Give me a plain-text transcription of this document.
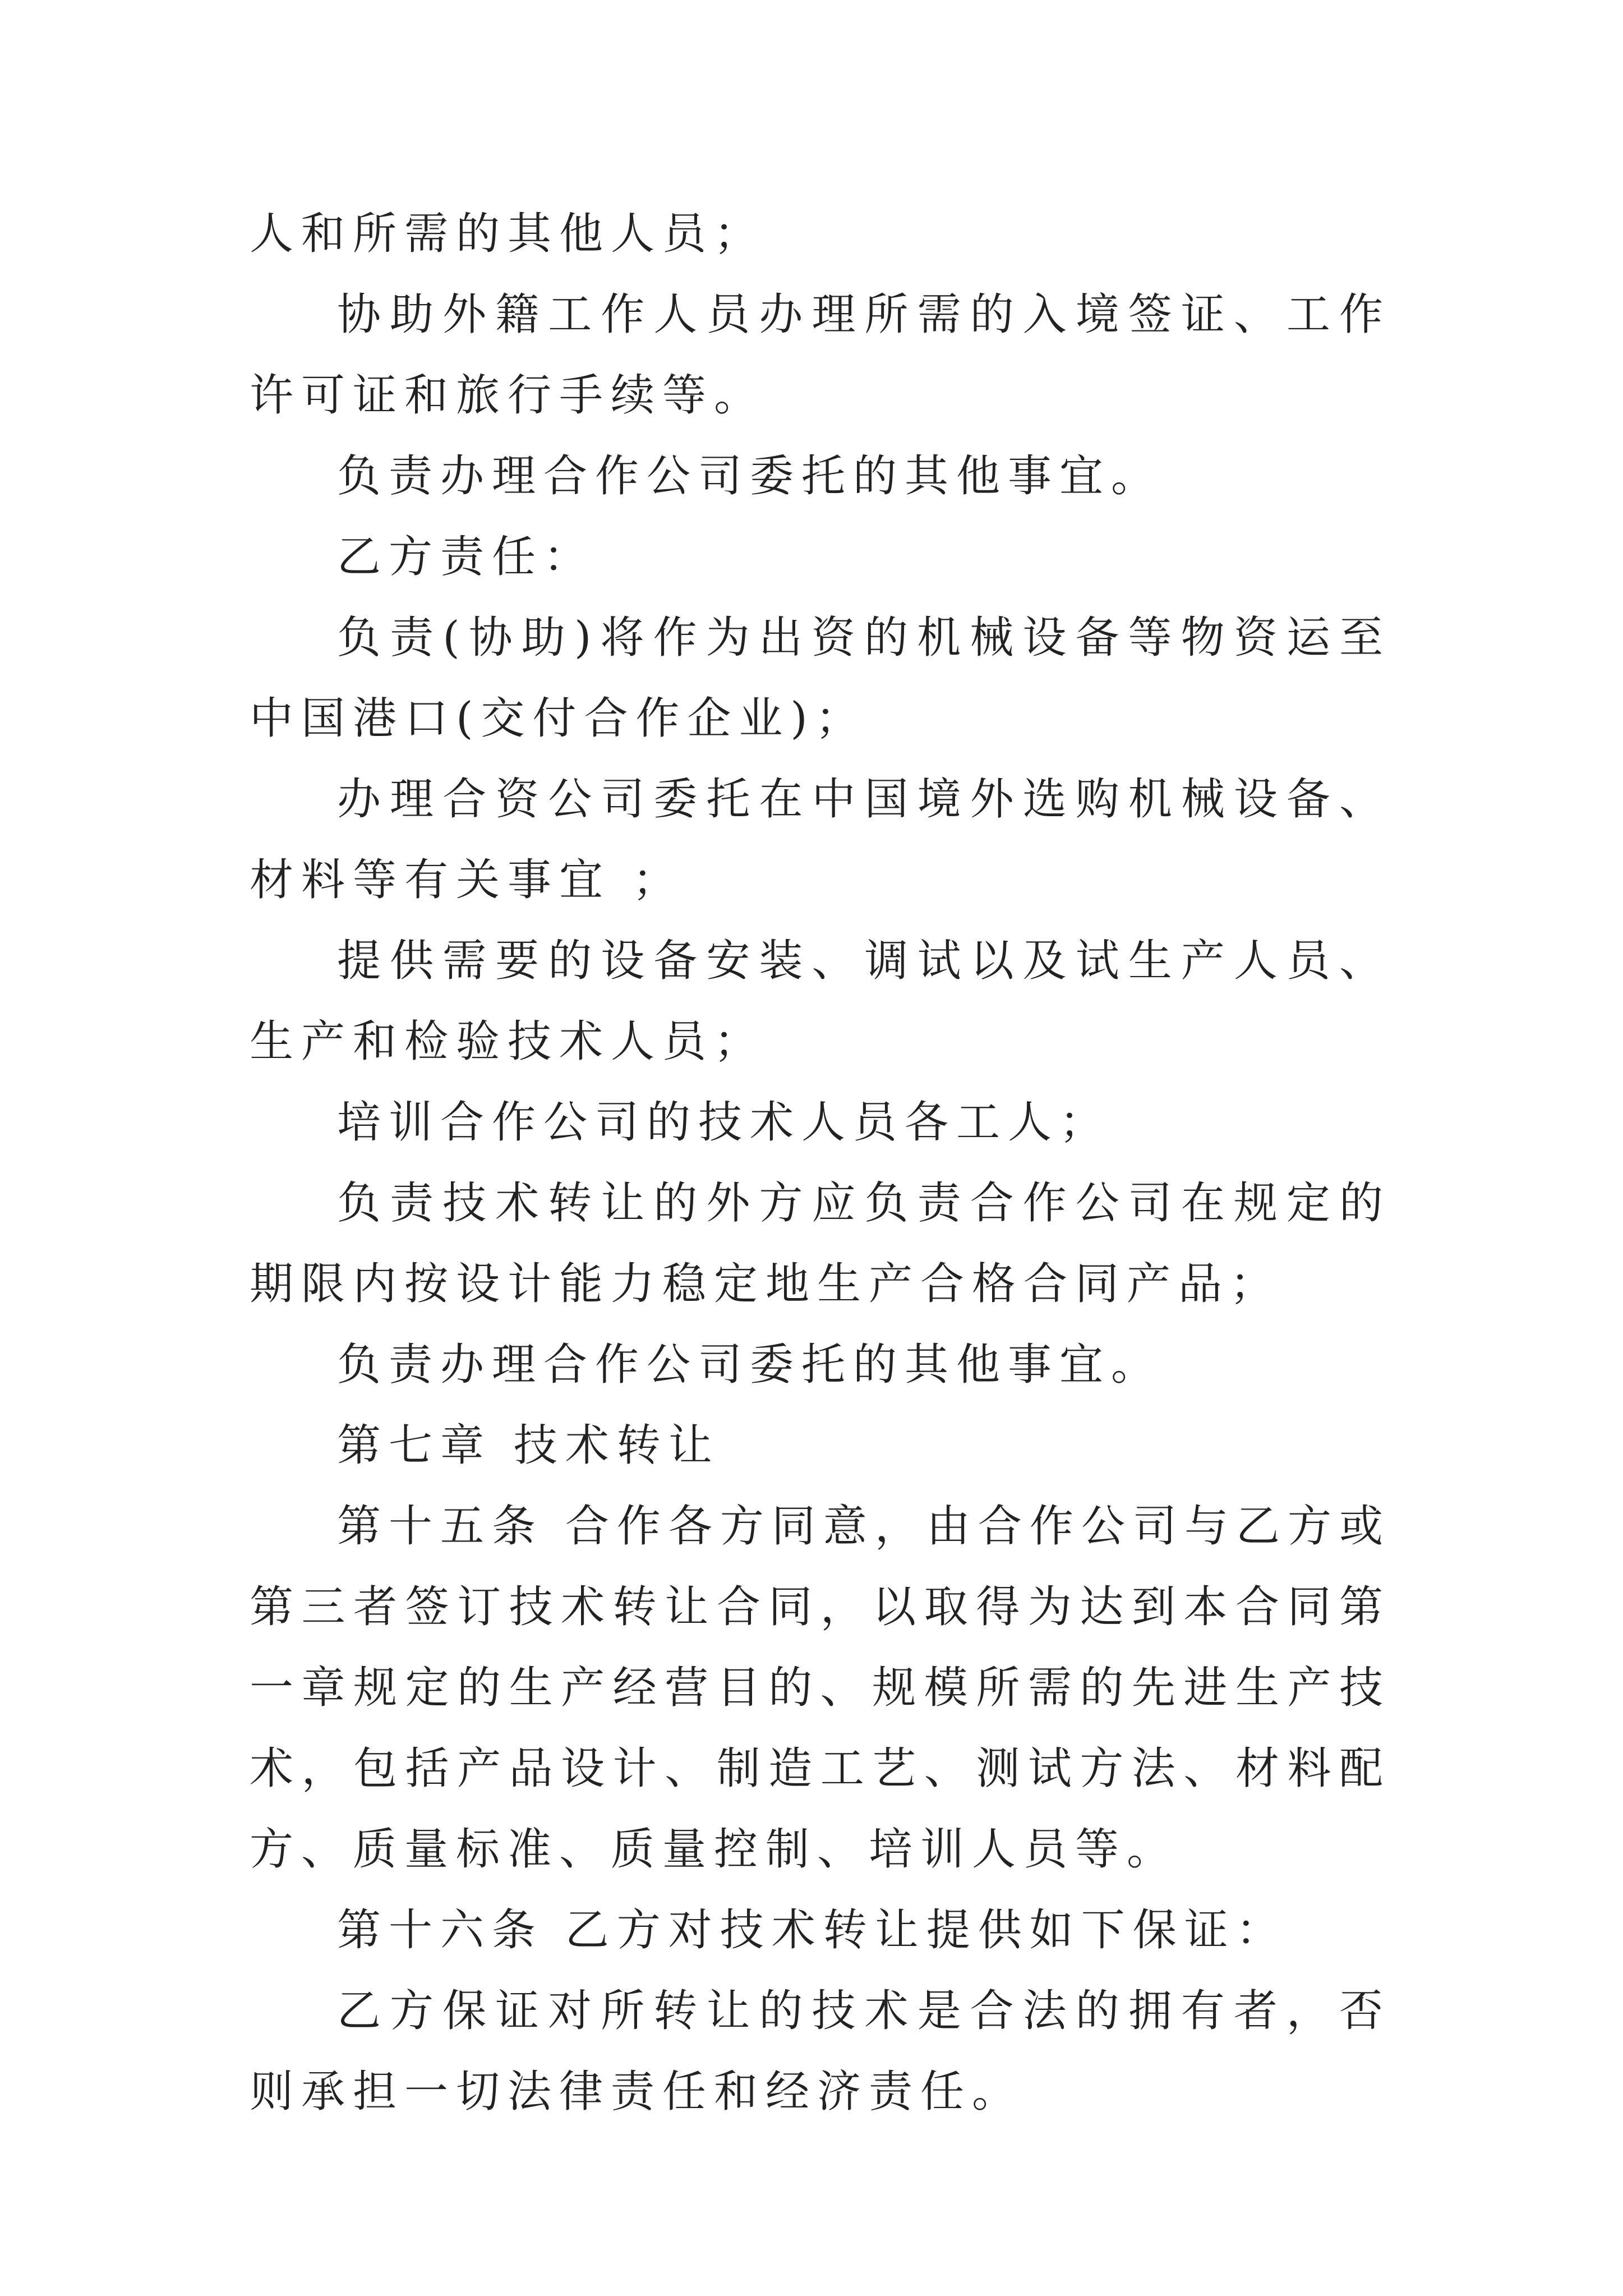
人和所需的其他人员；

协助外籍工作人员办理所需的入境签证、工作许可证和旅行手续等。

负责办理合作公司委托的其他事宜。

乙方责任：

负责(协助)将作为出资的机械设备等物资运至中国港口(交付合作企业)；

办理合资公司委托在中国境外选购机械设备、材料等有关事宜 ；

提供需要的设备安装、调试以及试生产人员、生产和检验技术人员；

培训合作公司的技术人员各工人；

负责技术转让的外方应负责合作公司在规定的期限内按设计能力稳定地生产合格合同产品；

负责办理合作公司委托的其他事宜。

第七章 技术转让

第十五条 合作各方同意，由合作公司与乙方或第三者签订技术转让合同，以取得为达到本合同第一章规定的生产经营目的、规模所需的先进生产技术，包括产品设计、制造工艺、测试方法、材料配方、质量标准、质量控制、培训人员等。

第十六条 乙方对技术转让提供如下保证：

乙方保证对所转让的技术是合法的拥有者，否则承担一切法律责任和经济责任。
